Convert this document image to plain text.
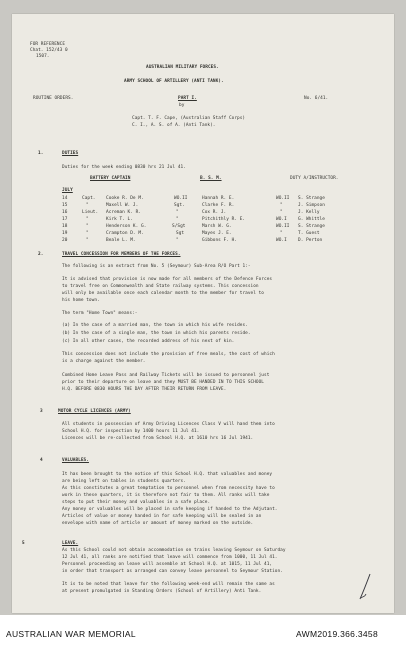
FOR REFERENCE
Chat. 152/43 0
1507.
AUSTRALIAN MILITARY FORCES.
ARMY SCHOOL OF ARTILLERY (ANTI TANK).
ROUTINE ORDERS.	PART I.	No. 6/41.
by
Capt. T. F. Cape, (Australian Staff Corps)
C. I., A. S. of A. (Anti Tank).
1.	DUTIES
Duties for the week ending 0830 hrs 21 Jul 41.
BATTERY CAPTAIN	B. S. M.	DUTY A/INSTRUCTOR.
JULY
14	Capt. Cooke R. De M.	WO.II	Hannah R. E.	WO.II S. Strange
15	"	Maxell W. J.	Sgt.	Clarke F. R.	"	J. Simpson
16	Lieut. Acreman K. R.	"	Cox R. J.	"	J. Kelly
17	"	Kirk T. L.	"	Pitchithly R. E.	WO.I	G. Whittle
18	"	Henderson K. G.	S/Sgt	Marsh W. G.	WO.II S. Strange
19	"	Crampton D. M.	Sgt	Mayes J. E.	"	T. Guest
20	"	Beale L. M.	"	Gibbons F. H.	WO.I	D. Perton
2.	TRAVEL CONCESSION FOR MEMBERS OF THE FORCES.
The following is an extract from No. 5 (Seymour) Sub-Area R/O Part 1:-
It is advised that provision is now made for all members of the Defence Forces
to travel free on Commonwealth and State railway systems. This concession
will only be available once each calendar month to the member for travel to
his home town.
The term "Home Town" means:-
(a) In the case of a married man, the town in which his wife resides.
(b) In the case of a single man, the town in which his parents reside.
(c) In all other cases, the recorded address of his next of kin.
This concession does not include the provision of free meals, the cost of which
is a charge against the member.
Combined Home Leave Pass and Railway Tickets will be issued to personnel just
prior to their departure on leave and they MUST BE HANDED IN TO THIS SCHOOL
H.Q. BEFORE 0830 HOURS THE DAY AFTER THEIR RETURN FROM LEAVE.
3	MOTOR CYCLE LICENCES (ARMY)
All students in possession of Army Driving Licences Class V will hand them into
School H.Q. for inspection by 1400 hours 11 Jul 41.
Licences will be re-collected from School H.Q. at 1610 hrs 16 Jul 1941.
4	VALUABLES.
It has been brought to the notice of this School H.Q. that valuables and money
are being left on tables in students quarters.
As this constitutes a great temptation to personnel when from necessity have to
work in these quarters, it is therefore not fair to them. All ranks will take
steps to put their money and valuables in a safe place.
Any money or valuables will be placed in safe keeping if handed to the Adjutant.
Articles of value or money handed in for safe keeping will be sealed in an
envelope with name of article or amount of money marked on the outside.
5	LEAVE.
As this School could not obtain accommodation on trains leaving Seymour on Saturday
12 Jul 41, all ranks are notified that leave will commence from 1000, 11 Jul 41.
Personnel proceeding on leave will assemble at School H.Q. at 1015, 11 Jul 41,
in order that transport as arranged can convey leave personnel to Seymour Station.
It is to be noted that leave for the following week-end will remain the same as
at present promulgated in Standing Orders (School of Artillery) Anti Tank.
AUSTRALIAN WAR MEMORIAL	AWM2019.366.3458
